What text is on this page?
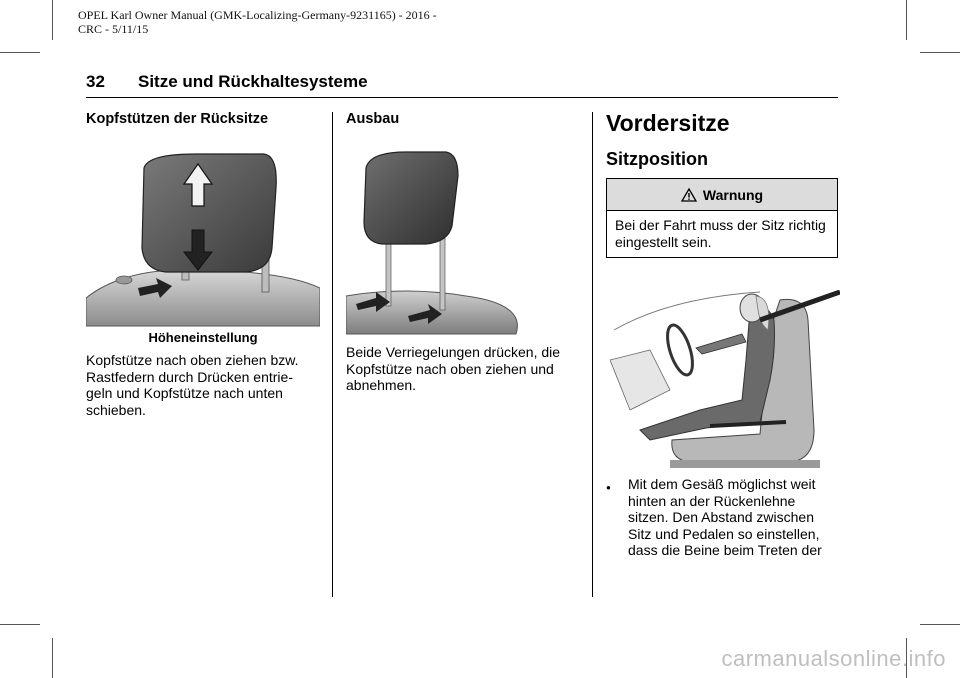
OPEL Karl Owner Manual (GMK-Localizing-Germany-9231165) - 2016 -
CRC - 5/11/15
32 Sitze und Rückhaltesysteme
Kopfstützen der Rücksitze
Höheneinstellung
Kopfstütze nach oben ziehen bzw. Rastfedern durch Drücken entrie- geln und Kopfstütze nach unten schieben.
Ausbau
Beide Verriegelungen drücken, die Kopfstütze nach oben ziehen und abnehmen.
Vordersitze
Sitzposition
Warnung
Bei der Fahrt muss der Sitz richtig eingestellt sein.
● Mit dem Gesäß möglichst weit hinten an der Rückenlehne sitzen. Den Abstand zwischen Sitz und Pedalen so einstellen, dass die Beine beim Treten der
carmanualsonline.info
